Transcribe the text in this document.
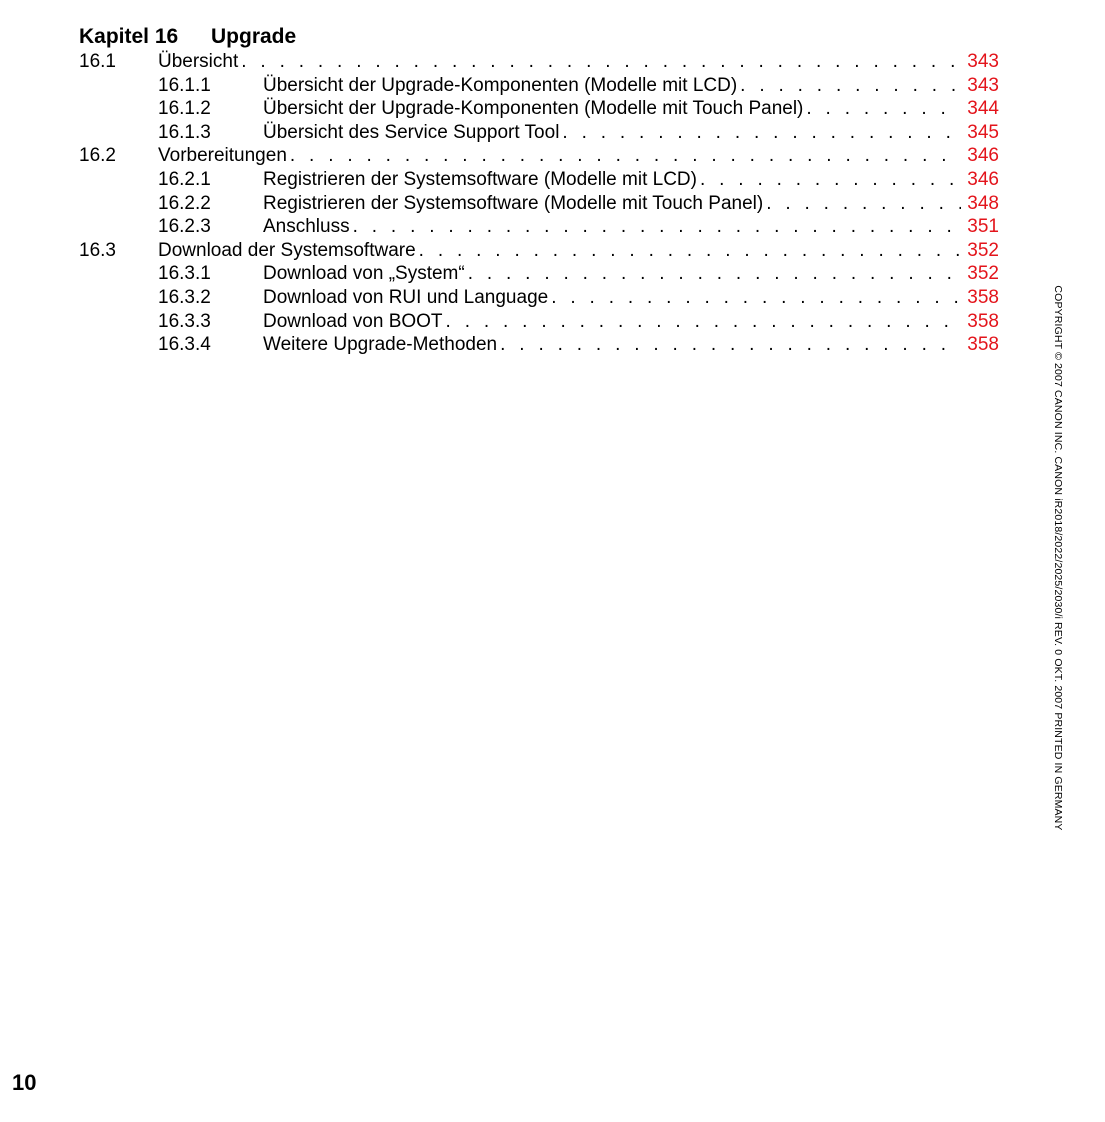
Kapitel 16 Upgrade
16.1 Übersicht . . .	343
16.1.1	Übersicht der Upgrade-Komponenten (Modelle mit LCD) . . .	343
16.1.2	Übersicht der Upgrade-Komponenten (Modelle mit Touch Panel) . . .	344
16.1.3	Übersicht des Service Support Tool . . .	345
16.2 Vorbereitungen . . .	346
16.2.1	Registrieren der Systemsoftware (Modelle mit LCD) . . .	346
16.2.2	Registrieren der Systemsoftware (Modelle mit Touch Panel) . . .	348
16.2.3	Anschluss . . .	351
16.3 Download der Systemsoftware . . .	352
16.3.1	Download von „System“ . . .	352
16.3.2	Download von RUI und Language . . .	358
16.3.3	Download von BOOT . . .	358
16.3.4	Weitere Upgrade-Methoden . . .	358	COPYRIGHT © 2007 CANON INC. CANON iR2018/2022/2025/2030/i REV. 0 OKT. 2007 PRINTED IN GERMANY
10
